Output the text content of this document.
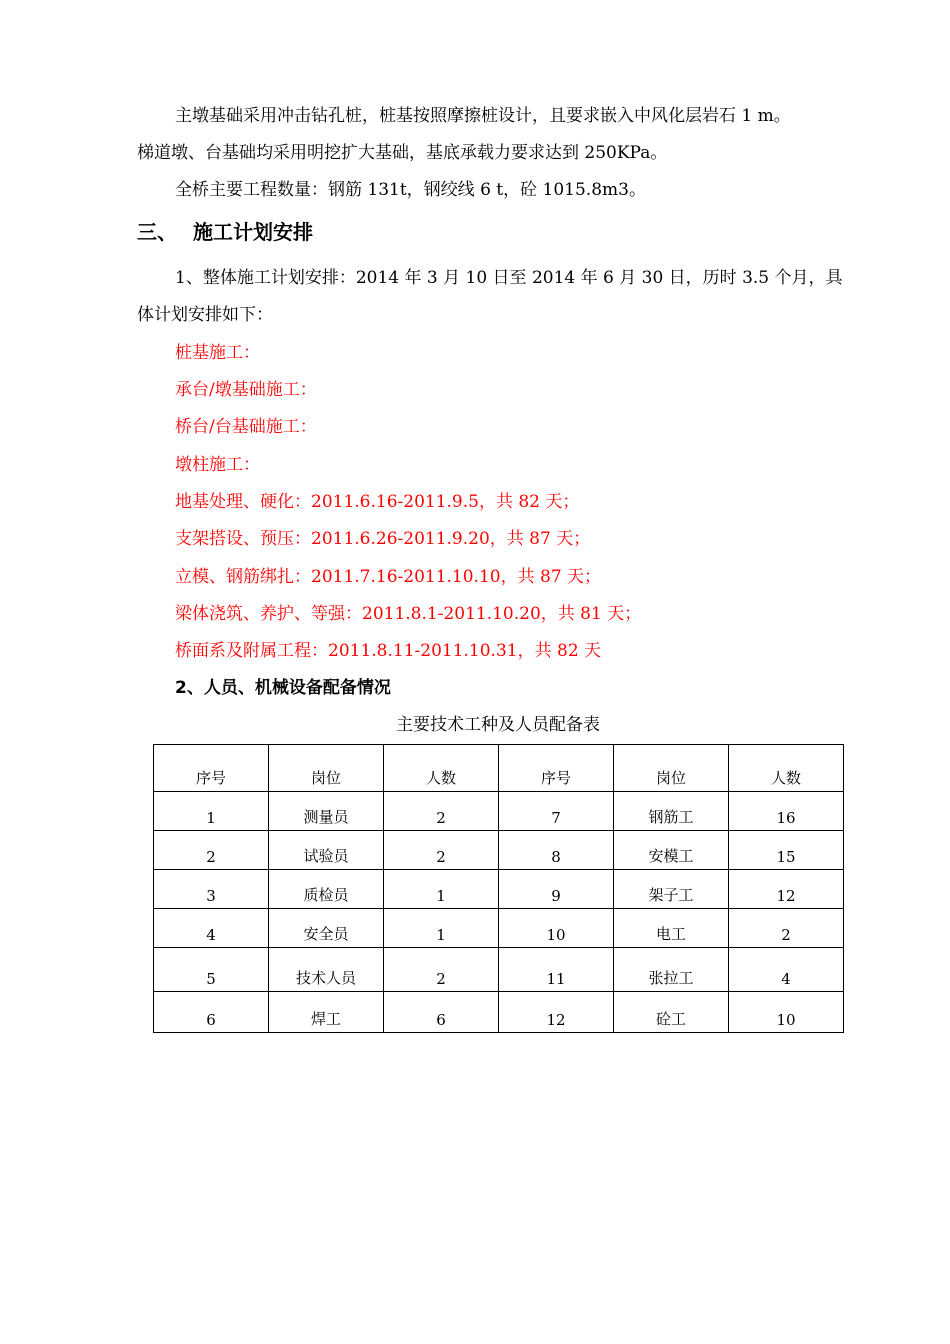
主墩基础采用冲击钻孔桩，桩基按照摩擦桩设计，且要求嵌入中风化层岩石 1 m。
梯道墩、台基础均采用明挖扩大基础，基底承载力要求达到 250KPa。
全桥主要工程数量：钢筋 131t，钢绞线 6 t，砼 1015.8m3。
三、 施工计划安排
1、整体施工计划安排：2014 年 3 月 10 日至 2014 年 6 月 30 日，历时 3.5 个月，具
体计划安排如下：
桩基施工：
承台/墩基础施工：
桥台/台基础施工：
墩柱施工：
地基处理、硬化：2011.6.16-2011.9.5，共 82 天；
支架搭设、预压：2011.6.26-2011.9.20，共 87 天；
立模、钢筋绑扎：2011.7.16-2011.10.10，共 87 天；
梁体浇筑、养护、等强：2011.8.1-2011.10.20，共 81 天；
桥面系及附属工程：2011.8.11-2011.10.31，共 82 天
2、人员、机械设备配备情况
主要技术工种及人员配备表
序号	岗位	人数	序号	岗位	人数
1	测量员	2	7	钢筋工	16
2	试验员	2	8	安模工	15
3	质检员	1	9	架子工	12
4	安全员	1	10	电工	2
5	技术人员	2	11	张拉工	4
6	焊工	6	12	砼工	10
